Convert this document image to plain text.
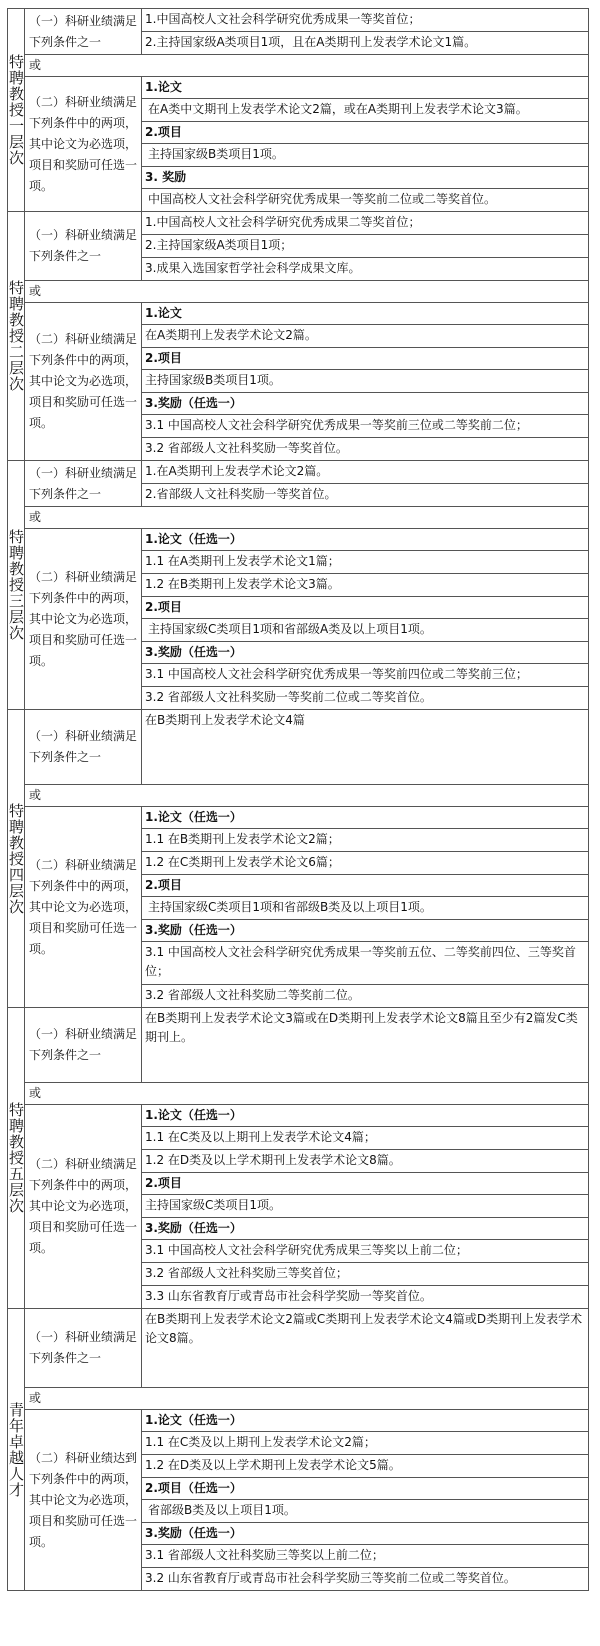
特聘教授一层次
（一）科研业绩满足下列条件之一
1.中国高校人文社会科学研究优秀成果一等奖首位；
2.主持国家级A类项目1项，且在A类期刊上发表学术论文1篇。
或
（二）科研业绩满足下列条件中的两项，其中论文为必选项，项目和奖励可任选一项。
1.论文
在A类中文期刊上发表学术论文2篇，或在A类期刊上发表学术论文3篇。
2.项目
主持国家级B类项目1项。
3. 奖励
中国高校人文社会科学研究优秀成果一等奖前二位或二等奖首位。
特聘教授二层次
（一）科研业绩满足下列条件之一
1.中国高校人文社会科学研究优秀成果二等奖首位；
2.主持国家级A类项目1项；
3.成果入选国家哲学社会科学成果文库。
或
（二）科研业绩满足下列条件中的两项，其中论文为必选项，项目和奖励可任选一项。
1.论文
在A类期刊上发表学术论文2篇。
2.项目
主持国家级B类项目1项。
3.奖励（任选一）
3.1 中国高校人文社会科学研究优秀成果一等奖前三位或二等奖前二位；
3.2 省部级人文社科奖励一等奖首位。
特聘教授三层次
（一）科研业绩满足下列条件之一
1.在A类期刊上发表学术论文2篇。
2.省部级人文社科奖励一等奖首位。
或
（二）科研业绩满足下列条件中的两项，其中论文为必选项，项目和奖励可任选一项。
1.论文（任选一）
1.1 在A类期刊上发表学术论文1篇；
1.2 在B类期刊上发表学术论文3篇。
2.项目
主持国家级C类项目1项和省部级A类及以上项目1项。
3.奖励（任选一）
3.1 中国高校人文社会科学研究优秀成果一等奖前四位或二等奖前三位；
3.2 省部级人文社科奖励一等奖前二位或二等奖首位。
特聘教授四层次
（一）科研业绩满足下列条件之一
在B类期刊上发表学术论文4篇
或
（二）科研业绩满足下列条件中的两项，其中论文为必选项，项目和奖励可任选一项。
1.论文（任选一）
1.1 在B类期刊上发表学术论文2篇；
1.2 在C类期刊上发表学术论文6篇；
2.项目
主持国家级C类项目1项和省部级B类及以上项目1项。
3.奖励（任选一）
3.1 中国高校人文社会科学研究优秀成果一等奖前五位、二等奖前四位、三等奖首位；
3.2 省部级人文社科奖励二等奖前二位。
特聘教授五层次
（一）科研业绩满足下列条件之一
在B类期刊上发表学术论文3篇或在D类期刊上发表学术论文8篇且至少有2篇发C类期刊上。
或
（二）科研业绩满足下列条件中的两项，其中论文为必选项，项目和奖励可任选一项。
1.论文（任选一）
1.1 在C类及以上期刊上发表学术论文4篇；
1.2 在D类及以上学术期刊上发表学术论文8篇。
2.项目
主持国家级C类项目1项。
3.奖励（任选一）
3.1 中国高校人文社会科学研究优秀成果三等奖以上前二位；
3.2 省部级人文社科奖励三等奖首位；
3.3 山东省教育厅或青岛市社会科学奖励一等奖首位。
青年卓越人才
（一）科研业绩满足下列条件之一
在B类期刊上发表学术论文2篇或C类期刊上发表学术论文4篇或D类期刊上发表学术论文8篇。
或
（二）科研业绩达到下列条件中的两项，其中论文为必选项，项目和奖励可任选一项。
1.论文（任选一）
1.1 在C类及以上期刊上发表学术论文2篇；
1.2 在D类及以上学术期刊上发表学术论文5篇。
2.项目（任选一）
省部级B类及以上项目1项。
3.奖励（任选一）
3.1 省部级人文社科奖励三等奖以上前二位；
3.2 山东省教育厅或青岛市社会科学奖励三等奖前二位或二等奖首位。
